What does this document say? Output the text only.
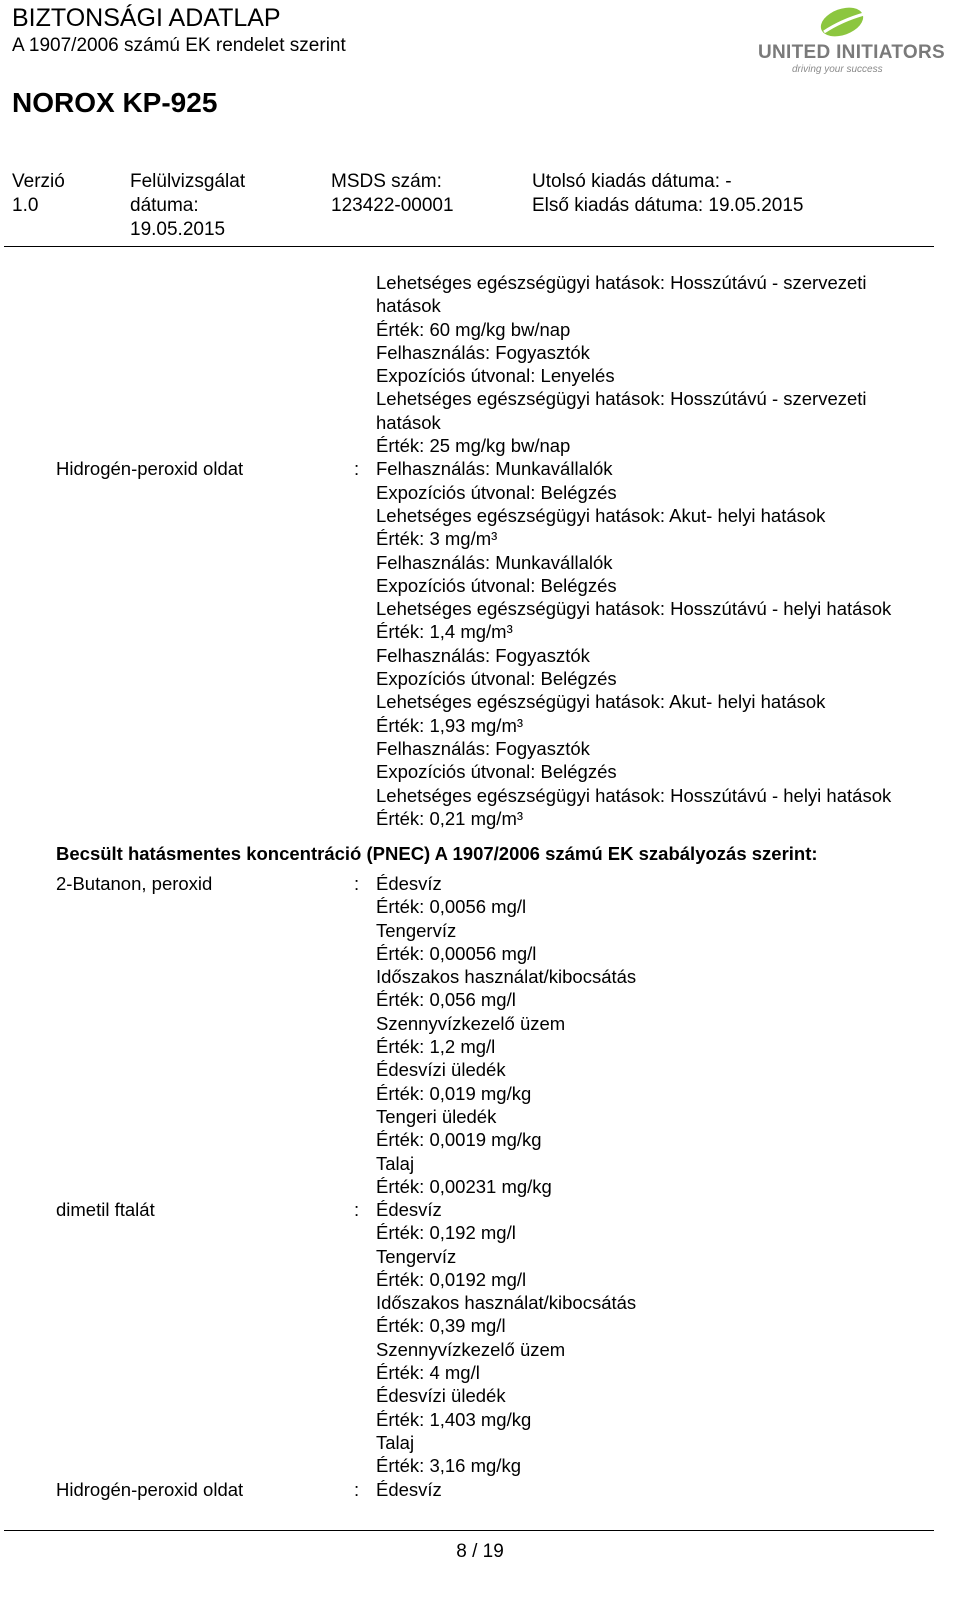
BIZTONSÁGI ADATLAP
A 1907/2006 számú EK rendelet szerint
NOROX KP-925
UNITED INITIATORS
driving your success
Verzió
1.0
Felülvizsgálat
dátuma:
19.05.2015
MSDS szám:
123422-00001
Utolsó kiadás dátuma: -
Első kiadás dátuma: 19.05.2015
Hidrogén-peroxid oldat	:
Lehetséges egészségügyi hatások: Hosszútávú - szervezeti
hatások
Érték: 60 mg/kg bw/nap
Felhasználás: Fogyasztók
Expozíciós útvonal: Lenyelés
Lehetséges egészségügyi hatások: Hosszútávú - szervezeti
hatások
Érték: 25 mg/kg bw/nap
Felhasználás: Munkavállalók
Expozíciós útvonal: Belégzés
Lehetséges egészségügyi hatások: Akut- helyi hatások
Érték: 3 mg/m³
Felhasználás: Munkavállalók
Expozíciós útvonal: Belégzés
Lehetséges egészségügyi hatások: Hosszútávú - helyi hatások
Érték: 1,4 mg/m³
Felhasználás: Fogyasztók
Expozíciós útvonal: Belégzés
Lehetséges egészségügyi hatások: Akut- helyi hatások
Érték: 1,93 mg/m³
Felhasználás: Fogyasztók
Expozíciós útvonal: Belégzés
Lehetséges egészségügyi hatások: Hosszútávú - helyi hatások
Érték: 0,21 mg/m³
Becsült hatásmentes koncentráció (PNEC) A 1907/2006 számú EK szabályozás szerint:
2-Butanon, peroxid	: Édesvíz
Érték: 0,0056 mg/l
Tengervíz
Érték: 0,00056 mg/l
Időszakos használat/kibocsátás
Érték: 0,056 mg/l
Szennyvízkezelő üzem
Érték: 1,2 mg/l
Édesvízi üledék
Érték: 0,019 mg/kg
Tengeri üledék
Érték: 0,0019 mg/kg
Talaj
Érték: 0,00231 mg/kg
dimetil ftalát	: Édesvíz
Érték: 0,192 mg/l
Tengervíz
Érték: 0,0192 mg/l
Időszakos használat/kibocsátás
Érték: 0,39 mg/l
Szennyvízkezelő üzem
Érték: 4 mg/l
Édesvízi üledék
Érték: 1,403 mg/kg
Talaj
Érték: 3,16 mg/kg
Hidrogén-peroxid oldat	: Édesvíz
8 / 19
